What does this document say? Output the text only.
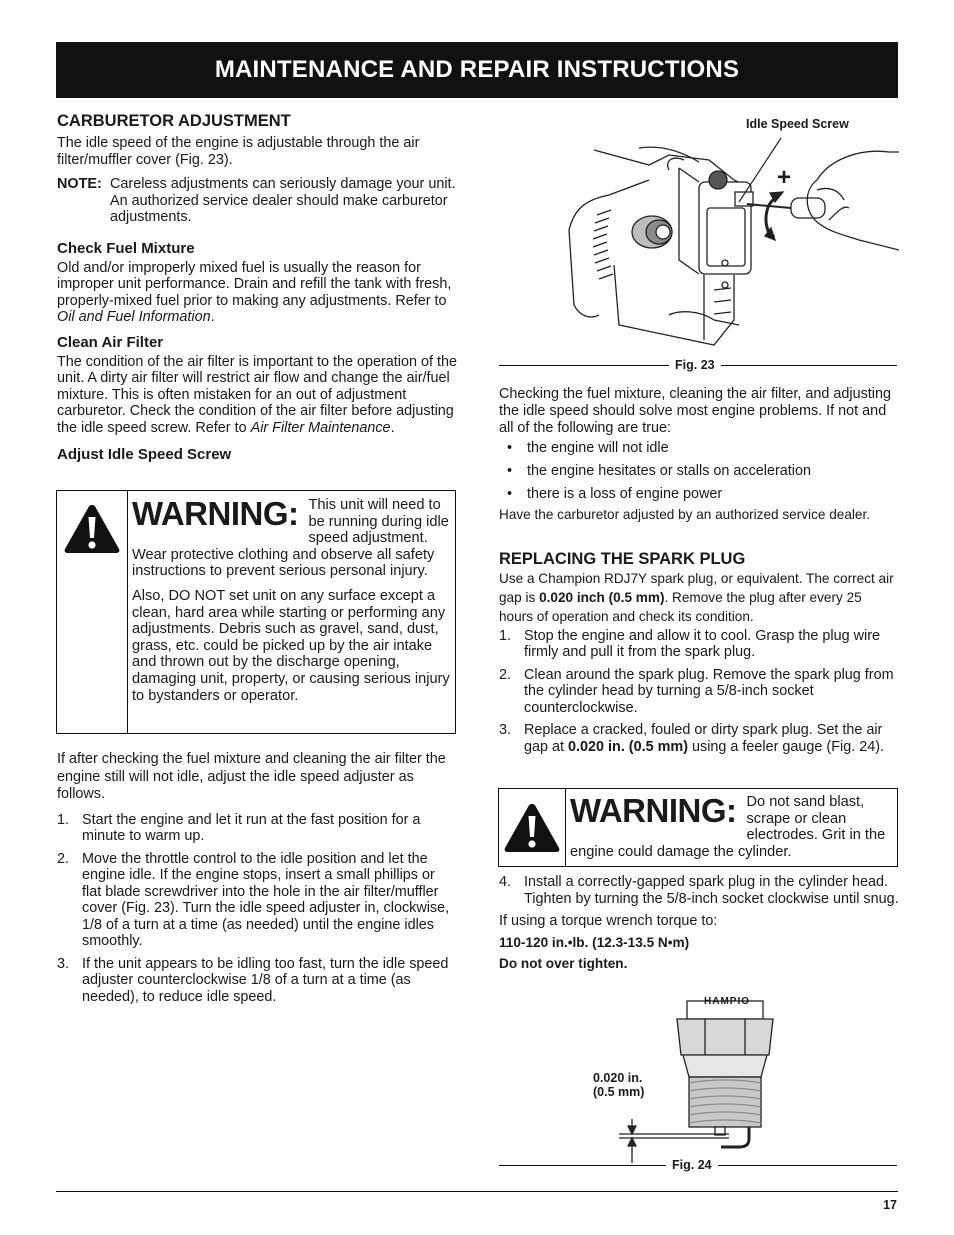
MAINTENANCE AND REPAIR INSTRUCTIONS
CARBURETOR ADJUSTMENT

The idle speed of the engine is adjustable through the air filter/muffler cover (Fig. 23).

NOTE: Careless adjustments can seriously damage your unit. An authorized service dealer should make carburetor adjustments.
Check Fuel Mixture

Old and/or improperly mixed fuel is usually the reason for improper unit performance. Drain and refill the tank with fresh, properly-mixed fuel prior to making any adjustments. Refer to Oil and Fuel Information.

Clean Air Filter

The condition of the air filter is important to the operation of the unit. A dirty air filter will restrict air flow and change the air/fuel mixture. This is often mistaken for an out of adjustment carburetor. Check the condition of the air filter before adjusting the idle speed screw. Refer to Air Filter Maintenance.

Adjust Idle Speed Screw
WARNING: This unit will need to be running during idle speed adjustment. Wear protective clothing and observe all safety instructions to prevent serious personal injury.
Also, DO NOT set unit on any surface except a clean, hard area while starting or performing any adjustments. Debris such as gravel, sand, dust, grass, etc. could be picked up by the air intake and thrown out by the discharge opening, damaging unit, property, or causing serious injury to bystanders or operator.

If after checking the fuel mixture and cleaning the air filter the engine still will not idle, adjust the idle speed adjuster as follows.

1. Start the engine and let it run at the fast position for a minute to warm up.
2. Move the throttle control to the idle position and let the engine idle. If the engine stops, insert a small phillips or flat blade screwdriver into the hole in the air filter/muffler cover (Fig. 23). Turn the idle speed adjuster in, clockwise, 1/8 of a turn at a time (as needed) until the engine idles smoothly.
3. If the unit appears to be idling too fast, turn the idle speed adjuster counterclockwise 1/8 of a turn at a time (as needed), to reduce idle speed.
Idle Speed Screw
+
-
Fig. 23

Checking the fuel mixture, cleaning the air filter, and adjusting the idle speed should solve most engine problems. If not and all of the following are true:

•	the engine will not idle
•	the engine hesitates or stalls on acceleration
•	there is a loss of engine power

Have the carburetor adjusted by an authorized service dealer.

REPLACING THE SPARK PLUG

Use a Champion RDJ7Y spark plug, or equivalent. The correct air gap is 0.020 inch (0.5 mm). Remove the plug after every 25 hours of operation and check its condition.

1. Stop the engine and allow it to cool. Grasp the plug wire firmly and pull it from the spark plug.
2. Clean around the spark plug. Remove the spark plug from the cylinder head by turning a 5/8-inch socket counterclockwise.
3. Replace a cracked, fouled or dirty spark plug. Set the air gap at 0.020 in. (0.5 mm) using a feeler gauge (Fig. 24).
WARNING: Do not sand blast, scrape or clean electrodes. Grit in the engine could damage the cylinder.
4. Install a correctly-gapped spark plug in the cylinder head. Tighten by turning the 5/8-inch socket clockwise until snug.

If using a torque wrench torque to:

110-120 in.•lb. (12.3-13.5 N•m)

Do not over tighten.

HAMPIO
0.020 in.
(0.5 mm)
Fig. 24
17
